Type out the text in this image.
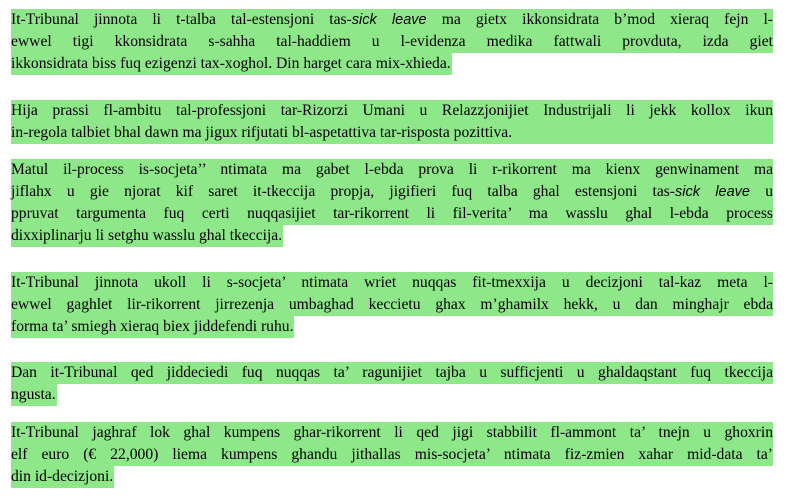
It-Tribunal jinnota li t-talba tal-estensjoni tas-sick leave ma gietx ikkonsidrata b’mod xieraq fejn l-
ewwel tigi kkonsidrata s-sahha tal-haddiem u l-evidenza medika fattwali provduta, izda giet
ikkonsidrata biss fuq ezigenzi tax-xoghol. Din harget cara mix-xhieda.
Hija prassi fl-ambitu tal-professjoni tar-Rizorzi Umani u Relazzjonijiet Industrijali li jekk kollox ikun
in-regola talbiet bhal dawn ma jigux rifjutati bl-aspetattiva tar-risposta pozittiva.
Matul il-process is-socjeta’’ ntimata ma gabet l-ebda prova li r-rikorrent ma kienx genwinament ma
jiflahx u gie njorat kif saret it-tkeccija propja, jigifieri fuq talba ghal estensjoni tas-sick leave u
ppruvat targumenta fuq certi nuqqasijiet tar-rikorrent li fil-verita’ ma wasslu ghal l-ebda process
dixxiplinarju li setghu wasslu ghal tkeccija.
It-Tribunal jinnota ukoll li s-socjeta’ ntimata wriet nuqqas fit-tmexxija u decizjoni tal-kaz meta l-
ewwel gaghlet lir-rikorrent jirrezenja umbaghad keccietu ghax m’ghamilx hekk, u dan minghajr ebda
forma ta’ smiegh xieraq biex jiddefendi ruhu.
Dan it-Tribunal qed jiddeciedi fuq nuqqas ta’ ragunijiet tajba u sufficjenti u ghaldaqstant fuq tkeccija
ngusta.
It-Tribunal jaghraf lok ghal kumpens ghar-rikorrent li qed jigi stabbilit fl-ammont ta’ tnejn u ghoxrin
elf euro (€ 22,000) liema kumpens ghandu jithallas mis-socjeta’ ntimata fiz-zmien xahar mid-data ta’
din id-decizjoni.
